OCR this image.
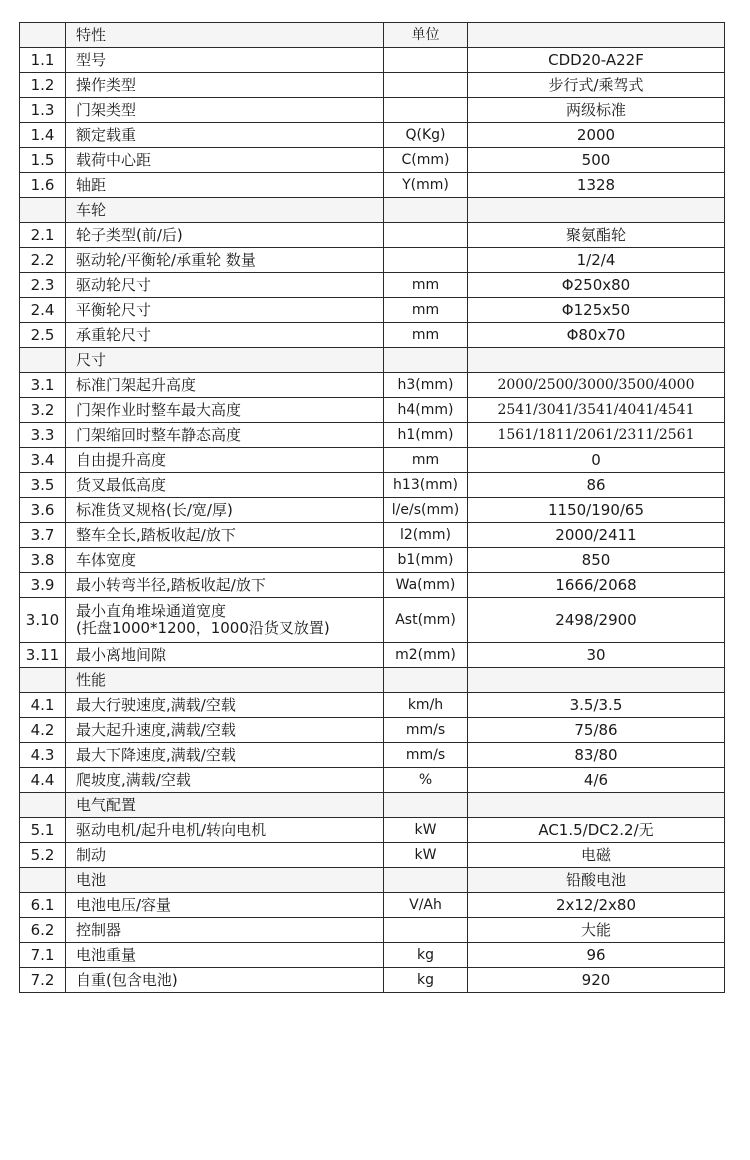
	特性	单位	
1.1	型号		CDD20-A22F
1.2	操作类型		步行式/乘驾式
1.3	门架类型		两级标准
1.4	额定载重	Q(Kg)	2000
1.5	载荷中心距	C(mm)	500
1.6	轴距	Y(mm)	1328
	车轮		
2.1	轮子类型(前/后)		聚氨酯轮
2.2	驱动轮/平衡轮/承重轮 数量		1/2/4
2.3	驱动轮尺寸	mm	Φ250x80
2.4	平衡轮尺寸	mm	Φ125x50
2.5	承重轮尺寸	mm	Φ80x70
	尺寸		
3.1	标准门架起升高度	h3(mm)	2000/2500/3000/3500/4000
3.2	门架作业时整车最大高度	h4(mm)	2541/3041/3541/4041/4541
3.3	门架缩回时整车静态高度	h1(mm)	1561/1811/2061/2311/2561
3.4	自由提升高度	mm	0
3.5	货叉最低高度	h13(mm)	86
3.6	标准货叉规格(长/宽/厚)	l/e/s(mm)	1150/190/65
3.7	整车全长,踏板收起/放下	l2(mm)	2000/2411
3.8	车体宽度	b1(mm)	850
3.9	最小转弯半径,踏板收起/放下	Wa(mm)	1666/2068
3.10	最小直角堆垛通道宽度
(托盘1000*1200，1000沿货叉放置)	Ast(mm)	2498/2900
3.11	最小离地间隙	m2(mm)	30
	性能		
4.1	最大行驶速度,满载/空载	km/h	3.5/3.5
4.2	最大起升速度,满载/空载	mm/s	75/86
4.3	最大下降速度,满载/空载	mm/s	83/80
4.4	爬坡度,满载/空载	%	4/6
	电气配置		
5.1	驱动电机/起升电机/转向电机	kW	AC1.5/DC2.2/无
5.2	制动	kW	电磁
	电池		铅酸电池
6.1	电池电压/容量	V/Ah	2x12/2x80
6.2	控制器		大能
7.1	电池重量	kg	96
7.2	自重(包含电池)	kg	920
